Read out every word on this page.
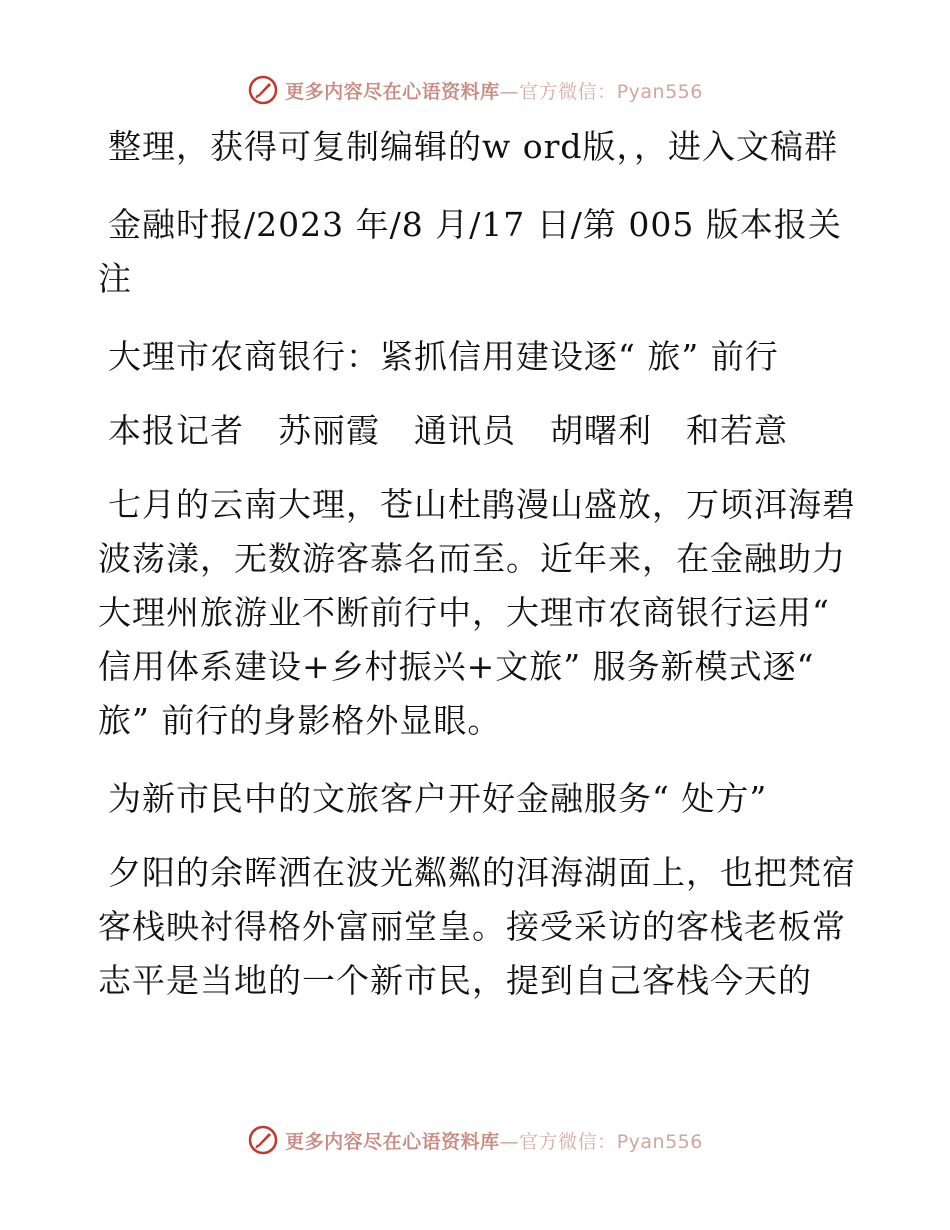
更多内容尽在心语资料库—官方微信：Pyan556

整理，获得可复制编辑的w ord版，，进入文稿群

金融时报/2023 年/8 月/17 日/第 005 版本报关注

大理市农商银行：紧抓信用建设逐“ 旅” 前行

本报记者　苏丽霞　通讯员　胡曙利　和若意

七月的云南大理，苍山杜鹃漫山盛放，万顷洱海碧波荡漾，无数游客慕名而至。近年来，在金融助力大理州旅游业不断前行中，大理市农商银行运用“ 信用体系建设+乡村振兴+文旅” 服务新模式逐“ 旅” 前行的身影格外显眼。

为新市民中的文旅客户开好金融服务“ 处方”

夕阳的余晖洒在波光粼粼的洱海湖面上，也把梵宿客栈映衬得格外富丽堂皇。接受采访的客栈老板常志平是当地的一个新市民，提到自己客栈今天的

更多内容尽在心语资料库—官方微信：Pyan556
